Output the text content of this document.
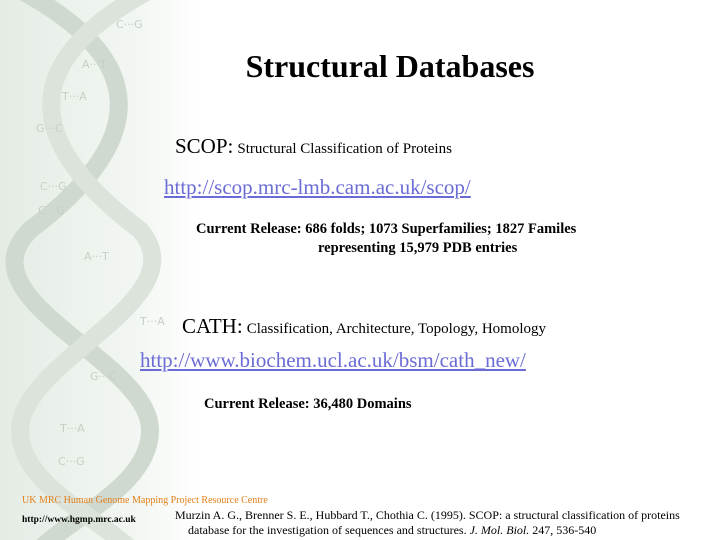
C···G
A···T
T···A
G···C
C···G
C···G
A···T
T···A
G···C
T···A
C···G
Structural Databases
SCOP: Structural Classification of Proteins
http://scop.mrc-lmb.cam.ac.uk/scop/
Current Release: 686 folds; 1073 Superfamilies; 1827 Familes
representing 15,979 PDB entries
CATH: Classification, Architecture, Topology, Homology
http://www.biochem.ucl.ac.uk/bsm/cath_new/
Current Release: 36,480 Domains
UK MRC Human Genome Mapping Project Resource Centre
http://www.hgmp.mrc.ac.uk	Murzin A. G., Brenner S. E., Hubbard T., Chothia C. (1995). SCOP: a structural classification of proteins
database for the investigation of sequences and structures. J. Mol. Biol. 247, 536-540
